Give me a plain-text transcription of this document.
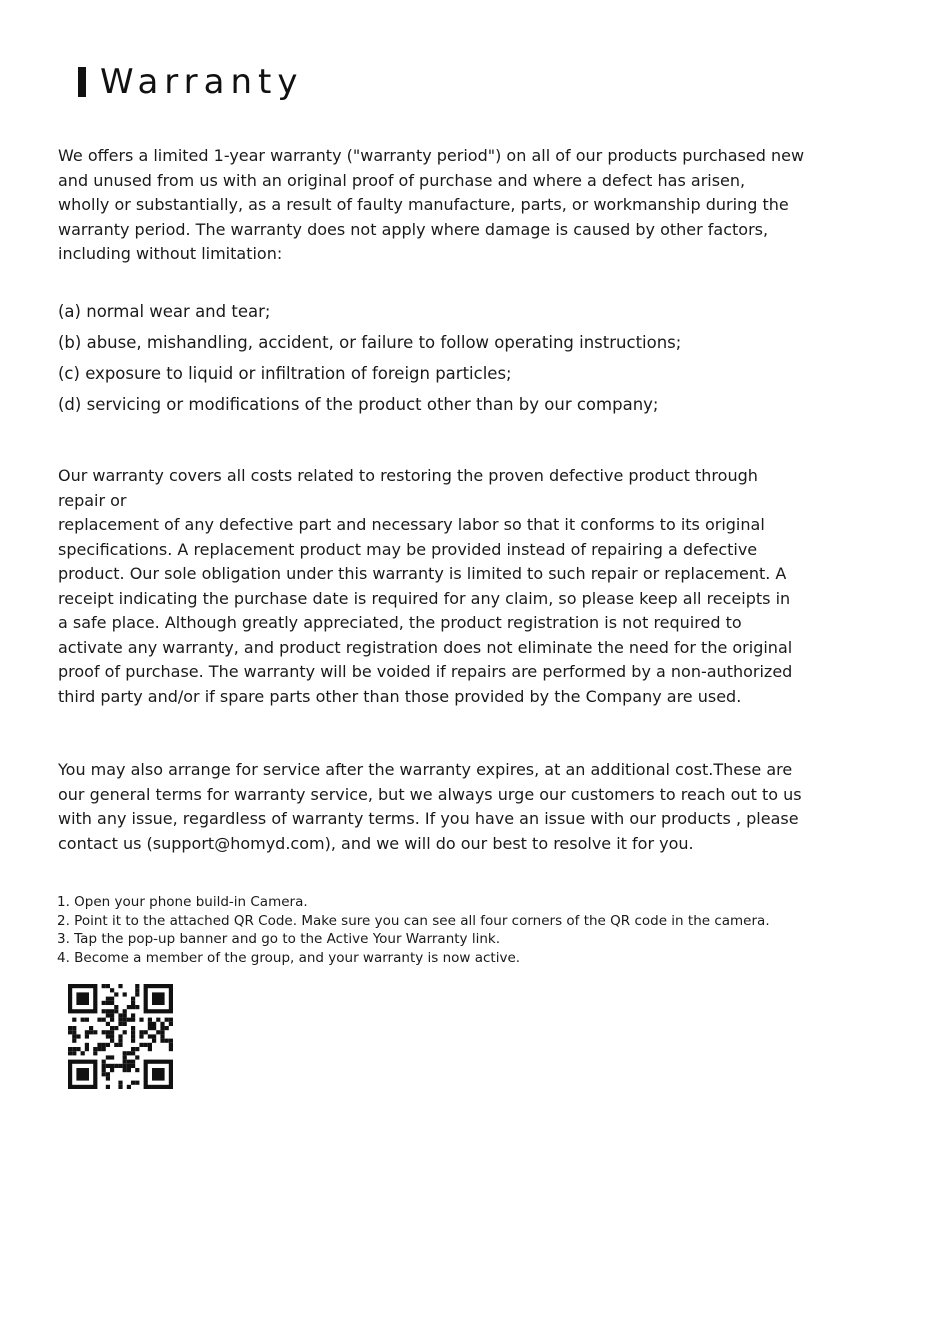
Warranty

We offers a limited 1-year warranty ("warranty period") on all of our products purchased new
and unused from us with an original proof of purchase and where a defect has arisen,
wholly or substantially, as a result of faulty manufacture, parts, or workmanship during the
warranty period. The warranty does not apply where damage is caused by other factors,
including without limitation:

(a) normal wear and tear;
(b) abuse, mishandling, accident, or failure to follow operating instructions;
(c) exposure to liquid or infiltration of foreign particles;
(d) servicing or modifications of the product other than by our company;

Our warranty covers all costs related to restoring the proven defective product through
repair or
replacement of any defective part and necessary labor so that it conforms to its original
specifications. A replacement product may be provided instead of repairing a defective
product. Our sole obligation under this warranty is limited to such repair or replacement. A
receipt indicating the purchase date is required for any claim, so please keep all receipts in
a safe place. Although greatly appreciated, the product registration is not required to
activate any warranty, and product registration does not eliminate the need for the original
proof of purchase. The warranty will be voided if repairs are performed by a non-authorized
third party and/or if spare parts other than those provided by the Company are used.

You may also arrange for service after the warranty expires, at an additional cost.These are
our general terms for warranty service, but we always urge our customers to reach out to us
with any issue, regardless of warranty terms. If you have an issue with our products , please
contact us (support@homyd.com), and we will do our best to resolve it for you.

1. Open your phone build-in Camera.
2. Point it to the attached QR Code. Make sure you can see all four corners of the QR code in the camera.
3. Tap the pop-up banner and go to the Active Your Warranty link.
4. Become a member of the group, and your warranty is now active.
